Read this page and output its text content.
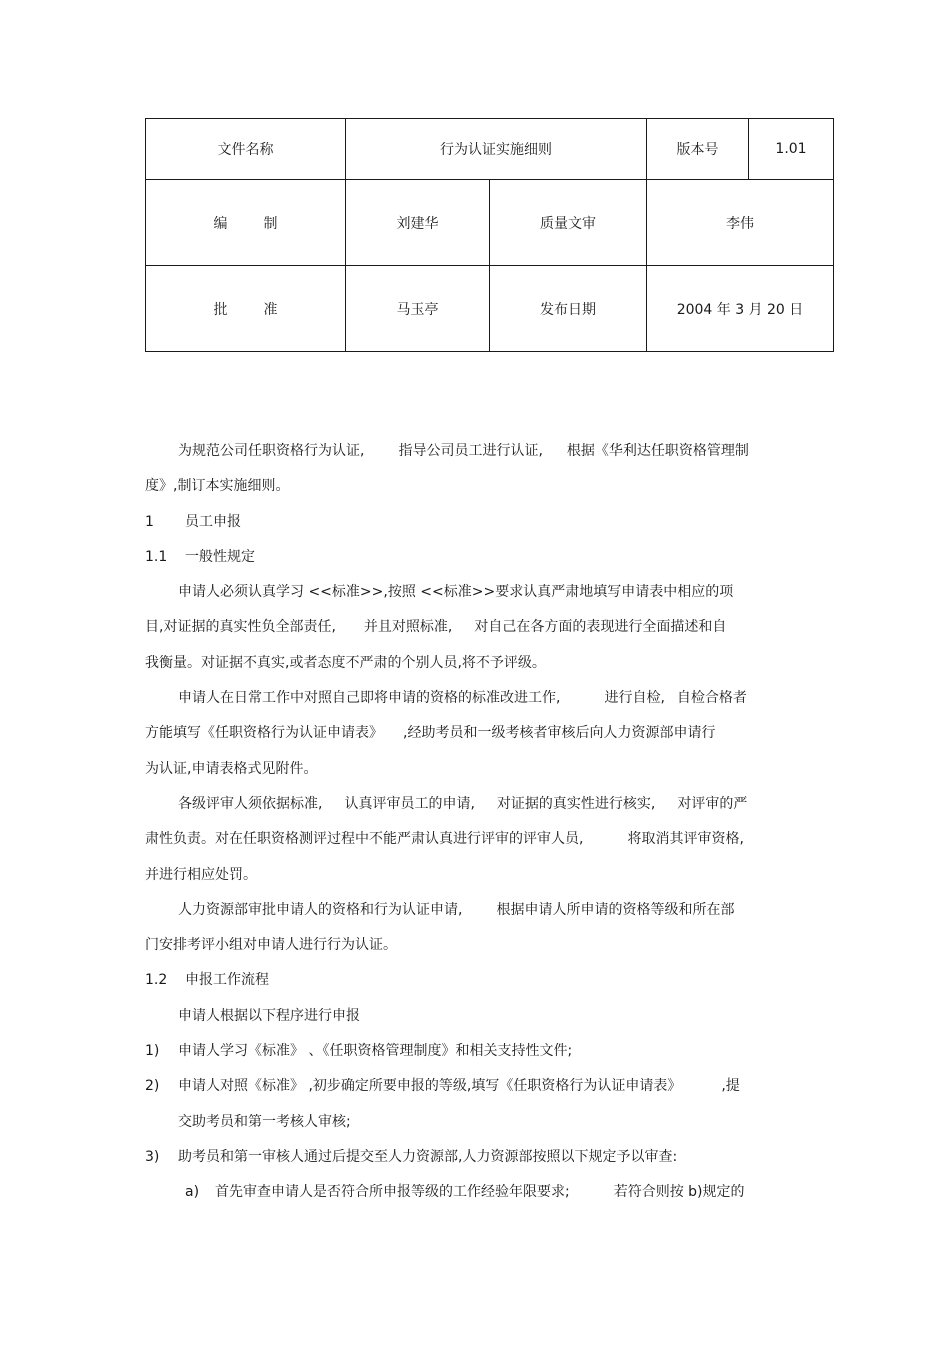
文件名称	行为认证实施细则		版本号	1.01
编制	刘建华	质量文审	李伟	
批准	马玉亭	发布日期	2004 年 3 月 20 日	
为规范公司任职资格行为认证, 指导公司员工进行认证, 根据《华利达任职资格管理制
度》,制订本实施细则。
1 员工申报
1.1 一般性规定
申请人必须认真学习 <<标准>>,按照 <<标准>>要求认真严肃地填写申请表中相应的项
目,对证据的真实性负全部责任, 并且对照标准, 对自己在各方面的表现进行全面描述和自
我衡量。对证据不真实,或者态度不严肃的个别人员,将不予评级。
申请人在日常工作中对照自己即将申请的资格的标准改进工作,	进行自检, 自检合格者
方能填写《任职资格行为认证申请表》 ,经助考员和一级考核者审核后向人力资源部申请行
为认证,申请表格式见附件。
各级评审人须依据标准, 认真评审员工的申请, 对证据的真实性进行核实, 对评审的严
肃性负责。对在任职资格测评过程中不能严肃认真进行评审的评审人员,	将取消其评审资格,
并进行相应处罚。
人力资源部审批申请人的资格和行为认证申请, 根据申请人所申请的资格等级和所在部
门安排考评小组对申请人进行行为认证。
1.2 申报工作流程
申请人根据以下程序进行申报
1) 申请人学习《标准》 、《任职资格管理制度》和相关支持性文件;
2) 申请人对照《标准》 ,初步确定所要申报的等级,填写《任职资格行为认证申请表》	,提
交助考员和第一考核人审核;
3) 助考员和第一审核人通过后提交至人力资源部,人力资源部按照以下规定予以审查:
a) 首先审查申请人是否符合所申报等级的工作经验年限要求;	若符合则按 b)规定的
